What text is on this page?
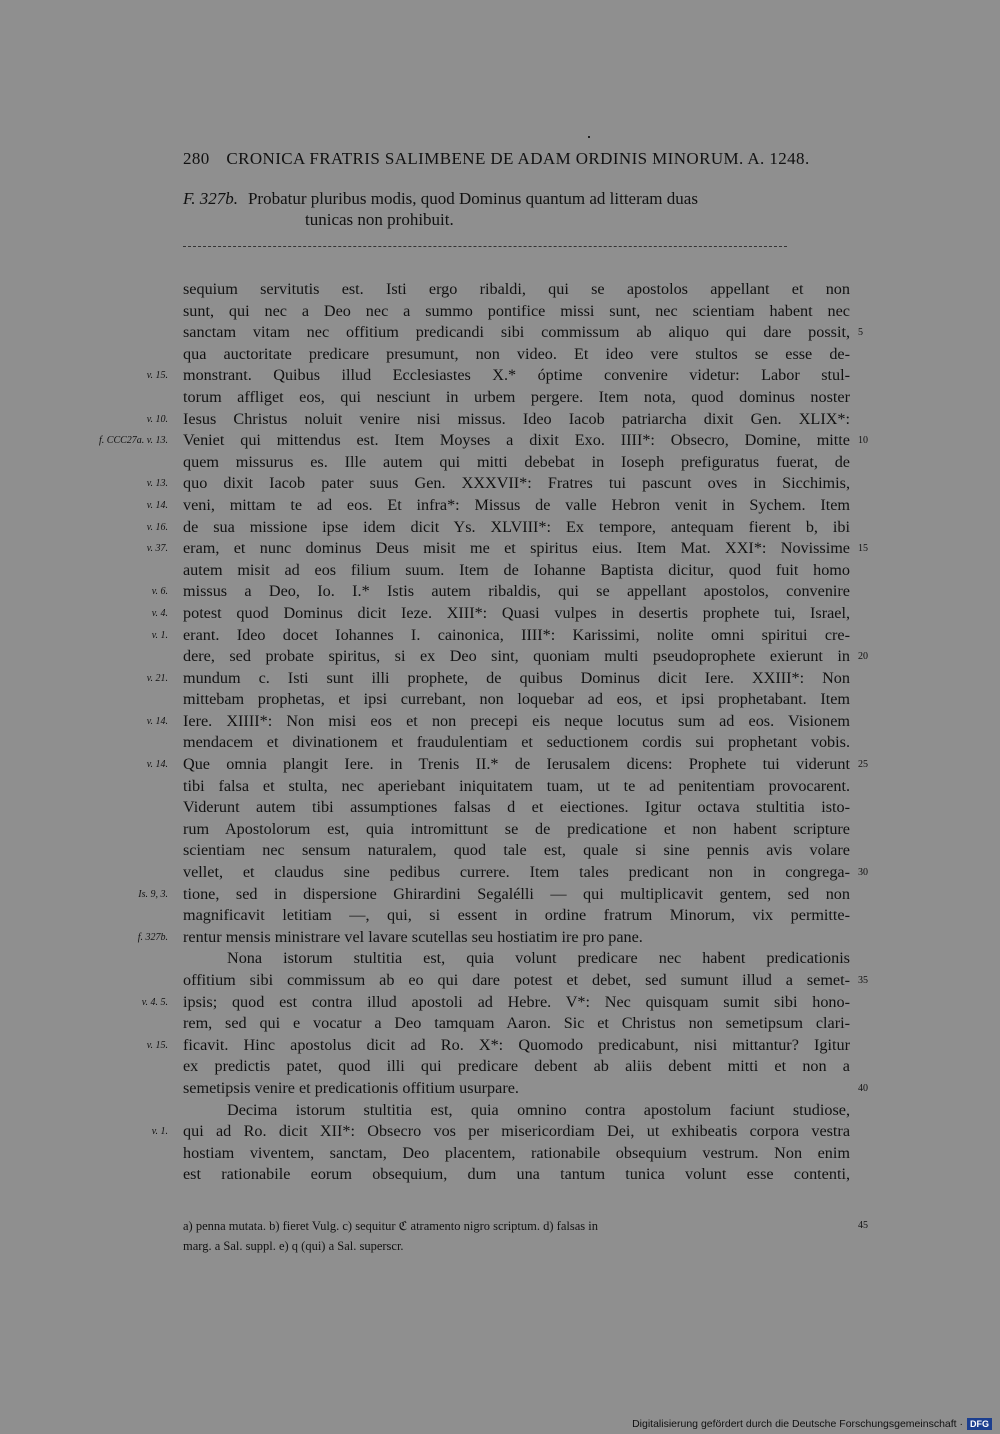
280 CRONICA FRATRIS SALIMBENE DE ADAM ORDINIS MINORUM. A. 1248.
F. 327b. Probatur pluribus modis, quod Dominus quantum ad litteram duas
tunicas non prohibuit.
sequium servitutis est. Isti ergo ribaldi, qui se apostolos appellant et non
sunt, qui nec a Deo nec a summo pontifice missi sunt, nec scientiam habent nec
sanctam vitam nec offitium predicandi sibi commissum ab aliquo qui dare possit, 5
qua auctoritate predicare presumunt, non video. Et ideo vere stultos se esse de-
monstrant. Quibus illud Ecclesiastes X.* óptime convenire videtur: Labor stul-
v. 15.
torum affliget eos, qui nesciunt in urbem pergere. Item nota, quod dominus noster
Iesus Christus noluit venire nisi missus. Ideo Iacob patriarcha dixit Gen. XLIX*:
v. 10.
Veniet qui mittendus est. Item Moyses a dixit Exo. IIII*: Obsecro, Domine, mitte
f. CCC27a. v. 13.	10
quem missurus es. Ille autem qui mitti debebat in Ioseph prefiguratus fuerat, de
quo dixit Iacob pater suus Gen. XXXVII*: Fratres tui pascunt oves in Sicchimis,
v. 13.
veni, mittam te ad eos. Et infra*: Missus de valle Hebron venit in Sychem. Item
v. 14.
de sua missione ipse idem dicit Ys. XLVIII*: Ex tempore, antequam fierent b, ibi
v. 16.
eram, et nunc dominus Deus misit me et spiritus eius. Item Mat. XXI*: Novissime
v. 37.	15
autem misit ad eos filium suum. Item de Iohanne Baptista dicitur, quod fuit homo
missus a Deo, Io. I.* Istis autem ribaldis, qui se appellant apostolos, convenire
v. 6.
potest quod Dominus dicit Ieze. XIII*: Quasi vulpes in desertis prophete tui, Israel,
v. 4.
erant. Ideo docet Iohannes I. cainonica, IIII*: Karissimi, nolite omni spiritui cre-
v. 1.
dere, sed probate spiritus, si ex Deo sint, quoniam multi pseudoprophete exierunt in 20
mundum c. Isti sunt illi prophete, de quibus Dominus dicit Iere. XXIII*: Non
v. 21.
mittebam prophetas, et ipsi currebant, non loquebar ad eos, et ipsi prophetabant. Item
Iere. XIIII*: Non misi eos et non precepi eis neque locutus sum ad eos. Visionem
v. 14.
mendacem et divinationem et fraudulentiam et seductionem cordis sui prophetant vobis.
Que omnia plangit Iere. in Trenis II.* de Ierusalem dicens: Prophete tui viderunt
v. 14.	25
tibi falsa et stulta, nec aperiebant iniquitatem tuam, ut te ad penitentiam provocarent.
Viderunt autem tibi assumptiones falsas d et eiectiones. Igitur octava stultitia isto-
rum Apostolorum est, quia intromittunt se de predicatione et non habent scripture
scientiam nec sensum naturalem, quod tale est, quale si sine pennis avis volare
vellet, et claudus sine pedibus currere. Item tales predicant non in congrega- 30
tione, sed in dispersione Ghirardini Segalélli — qui multiplicavit gentem, sed non
Is. 9, 3.
magnificavit letitiam —, qui, si essent in ordine fratrum Minorum, vix permitte-
rentur mensis ministrare vel lavare scutellas seu hostiatim ire pro pane.
f. 327b.
Nona istorum stultitia est, quia volunt predicare nec habent predicationis
offitium sibi commissum ab eo qui dare potest et debet, sed sumunt illud a semet- 35
ipsis; quod est contra illud apostoli ad Hebre. V*: Nec quisquam sumit sibi hono-
v. 4. 5.
rem, sed qui e vocatur a Deo tamquam Aaron. Sic et Christus non semetipsum clari-
ficavit. Hinc apostolus dicit ad Ro. X*: Quomodo predicabunt, nisi mittantur? Igitur
v. 15.
ex predictis patet, quod illi qui predicare debent ab aliis debent mitti et non a
semetipsis venire et predicationis offitium usurpare.	40
Decima istorum stultitia est, quia omnino contra apostolum faciunt studiose,
qui ad Ro. dicit XII*: Obsecro vos per misericordiam Dei, ut exhibeatis corpora vestra
v. 1.
hostiam viventem, sanctam, Deo placentem, rationabile obsequium vestrum. Non enim
est rationabile eorum obsequium, dum una tantum tunica volunt esse contenti,
a) penna mutata. b) fieret Vulg. c) sequitur ℭ atramento nigro scriptum. d) falsas in	45
marg. a Sal. suppl. e) q (qui) a Sal. superscr.
Digitalisierung gefördert durch die Deutsche Forschungsgemeinschaft · DFG
